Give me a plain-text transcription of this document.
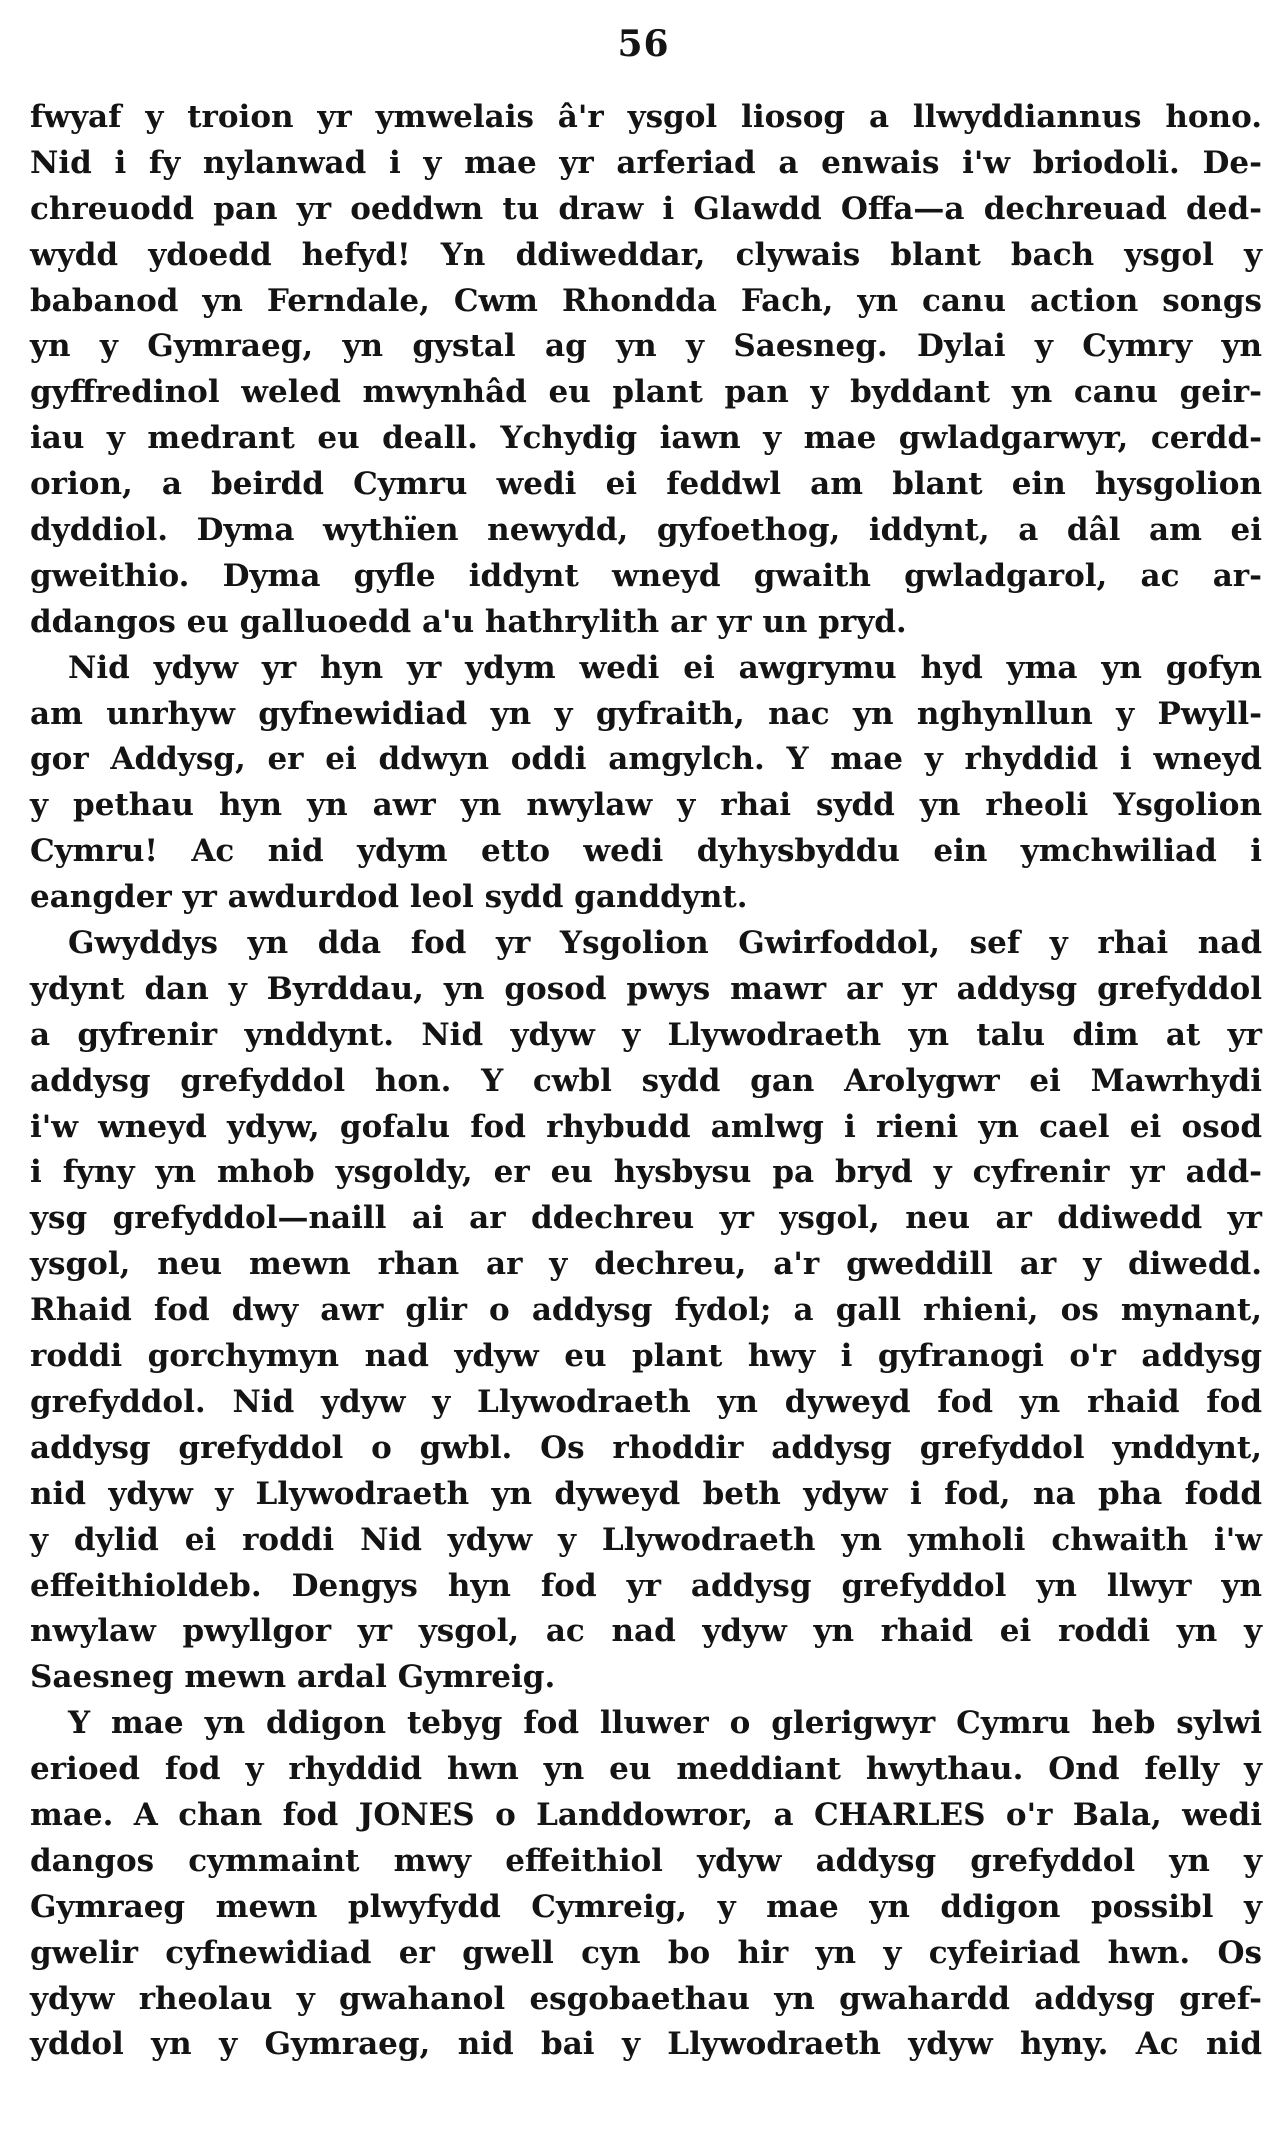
56
fwyaf y troion yr ymwelais â'r ysgol liosog a llwyddiannus hono.
Nid i fy nylanwad i y mae yr arferiad a enwais i'w briodoli. De-
chreuodd pan yr oeddwn tu draw i Glawdd Offa—a dechreuad ded-
wydd ydoedd hefyd! Yn ddiweddar, clywais blant bach ysgol y
babanod yn Ferndale, Cwm Rhondda Fach, yn canu action songs
yn y Gymraeg, yn gystal ag yn y Saesneg. Dylai y Cymry yn
gyffredinol weled mwynhâd eu plant pan y byddant yn canu geir-
iau y medrant eu deall. Ychydig iawn y mae gwladgarwyr, cerdd-
orion, a beirdd Cymru wedi ei feddwl am blant ein hysgolion
dyddiol. Dyma wythïen newydd, gyfoethog, iddynt, a dâl am ei
gweithio. Dyma gyfle iddynt wneyd gwaith gwladgarol, ac ar-
ddangos eu galluoedd a'u hathrylith ar yr un pryd.
Nid ydyw yr hyn yr ydym wedi ei awgrymu hyd yma yn gofyn
am unrhyw gyfnewidiad yn y gyfraith, nac yn nghynllun y Pwyll-
gor Addysg, er ei ddwyn oddi amgylch. Y mae y rhyddid i wneyd
y pethau hyn yn awr yn nwylaw y rhai sydd yn rheoli Ysgolion
Cymru! Ac nid ydym etto wedi dyhysbyddu ein ymchwiliad i
eangder yr awdurdod leol sydd ganddynt.
Gwyddys yn dda fod yr Ysgolion Gwirfoddol, sef y rhai nad
ydynt dan y Byrddau, yn gosod pwys mawr ar yr addysg grefyddol
a gyfrenir ynddynt. Nid ydyw y Llywodraeth yn talu dim at yr
addysg grefyddol hon. Y cwbl sydd gan Arolygwr ei Mawrhydi
i'w wneyd ydyw, gofalu fod rhybudd amlwg i rieni yn cael ei osod
i fyny yn mhob ysgoldy, er eu hysbysu pa bryd y cyfrenir yr add-
ysg grefyddol—naill ai ar ddechreu yr ysgol, neu ar ddiwedd yr
ysgol, neu mewn rhan ar y dechreu, a'r gweddill ar y diwedd.
Rhaid fod dwy awr glir o addysg fydol; a gall rhieni, os mynant,
roddi gorchymyn nad ydyw eu plant hwy i gyfranogi o'r addysg
grefyddol. Nid ydyw y Llywodraeth yn dyweyd fod yn rhaid fod
addysg grefyddol o gwbl. Os rhoddir addysg grefyddol ynddynt,
nid ydyw y Llywodraeth yn dyweyd beth ydyw i fod, na pha fodd
y dylid ei roddi Nid ydyw y Llywodraeth yn ymholi chwaith i'w
effeithioldeb. Dengys hyn fod yr addysg grefyddol yn llwyr yn
nwylaw pwyllgor yr ysgol, ac nad ydyw yn rhaid ei roddi yn y
Saesneg mewn ardal Gymreig.
Y mae yn ddigon tebyg fod lluwer o glerigwyr Cymru heb sylwi
erioed fod y rhyddid hwn yn eu meddiant hwythau. Ond felly y
mae. A chan fod JONES o Landdowror, a CHARLES o'r Bala, wedi
dangos cymmaint mwy effeithiol ydyw addysg grefyddol yn y
Gymraeg mewn plwyfydd Cymreig, y mae yn ddigon possibl y
gwelir cyfnewidiad er gwell cyn bo hir yn y cyfeiriad hwn. Os
ydyw rheolau y gwahanol esgobaethau yn gwahardd addysg gref-
yddol yn y Gymraeg, nid bai y Llywodraeth ydyw hyny. Ac nid
